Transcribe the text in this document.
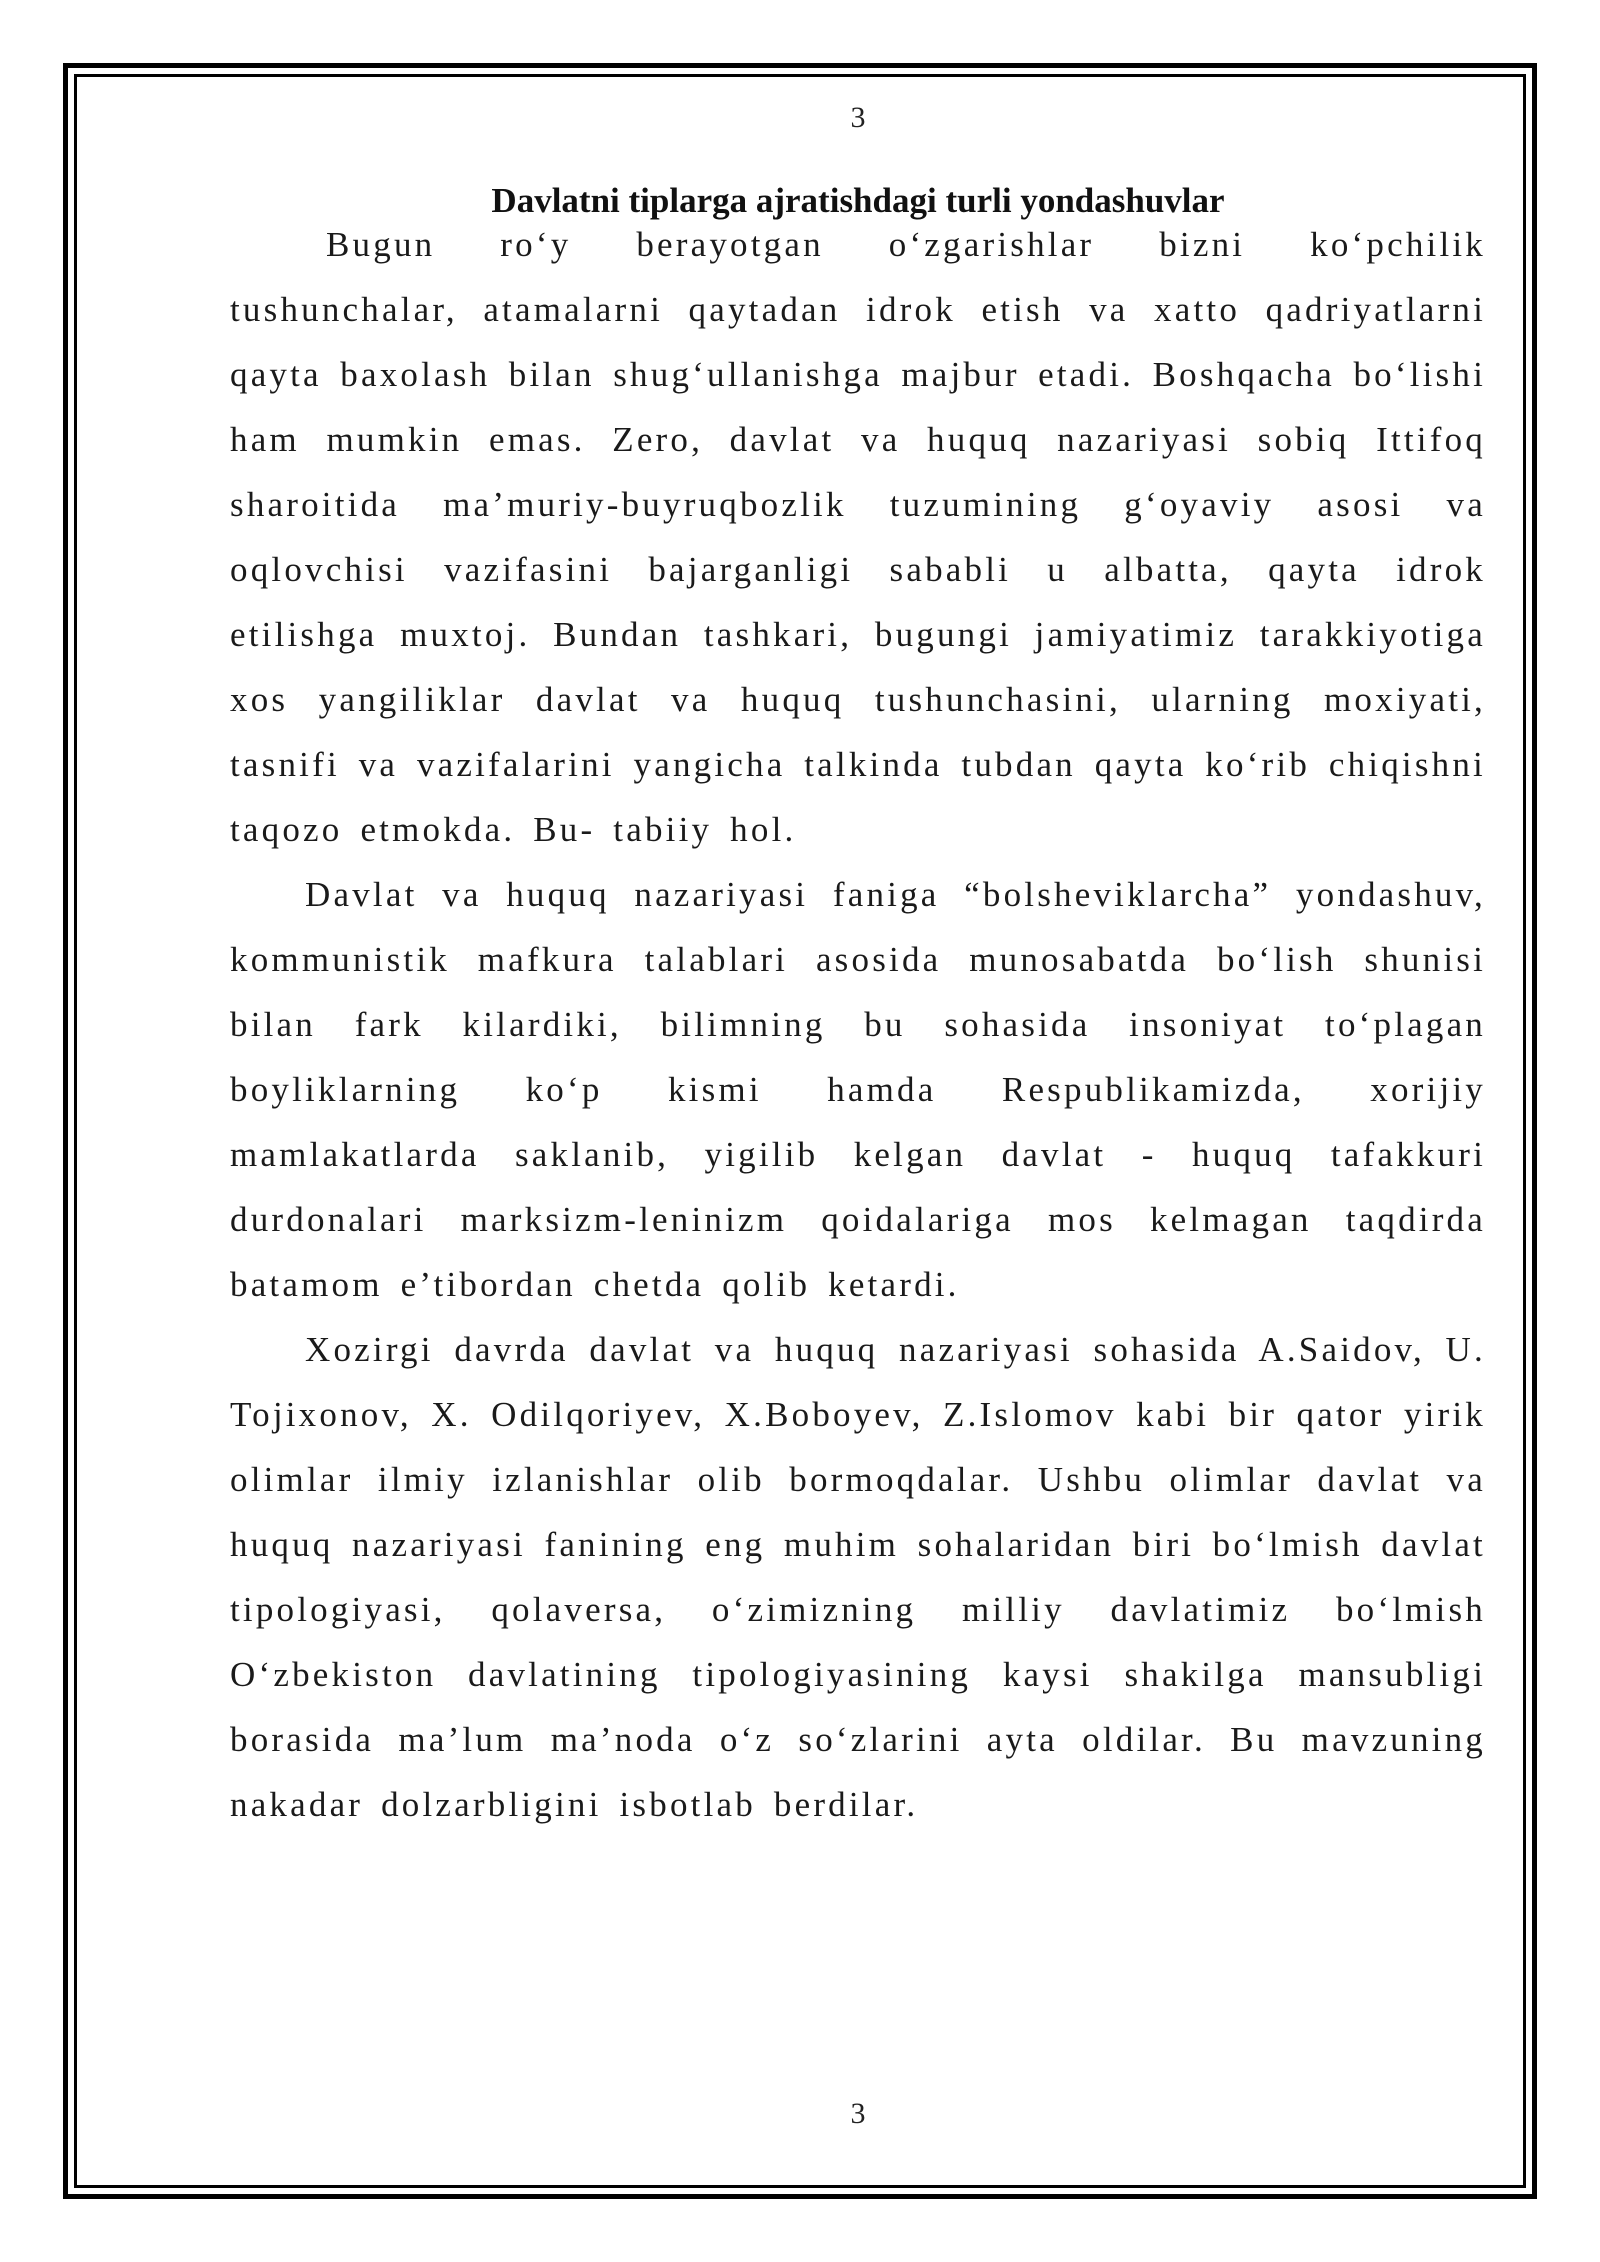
3
Davlatni tiplarga ajratishdagi turli yondashuvlar

Bugun ro‘y berayotgan o‘zgarishlar bizni ko‘pchilik tushunchalar, atamalarni qaytadan idrok etish va xatto qadriyatlarni qayta baxolash bilan shug‘ullanishga majbur etadi. Boshqacha bo‘lishi ham mumkin emas. Zero, davlat va huquq nazariyasi sobiq Ittifoq sharoitida ma’muriy-buyruqbozlik tuzumining g‘oyaviy asosi va oqlovchisi vazifasini bajarganligi sababli u albatta, qayta idrok etilishga muxtoj. Bundan tashkari, bugungi jamiyatimiz tarakkiyotiga xos yangiliklar davlat va huquq tushunchasini, ularning moxiyati, tasnifi va vazifalarini yangicha talkinda tubdan qayta ko‘rib chiqishni taqozo etmokda. Bu- tabiiy hol.

Davlat va huquq nazariyasi faniga “bolsheviklarcha” yondashuv, kommunistik mafkura talablari asosida munosabatda bo‘lish shunisi bilan fark kilardiki, bilimning bu sohasida insoniyat to‘plagan boyliklarning ko‘p kismi hamda Respublikamizda, xorijiy mamlakatlarda saklanib, yigilib kelgan davlat - huquq tafakkuri durdonalari marksizm-leninizm qoidalariga mos kelmagan taqdirda batamom e’tibordan chetda qolib ketardi.

Xozirgi davrda davlat va huquq nazariyasi sohasida A.Saidov, U. Tojixonov, X. Odilqoriyev, X.Boboyev, Z.Islomov kabi bir qator yirik olimlar ilmiy izlanishlar olib bormoqdalar. Ushbu olimlar davlat va huquq nazariyasi fanining eng muhim sohalaridan biri bo‘lmish davlat tipologiyasi, qolaversa, o‘zimizning milliy davlatimiz bo‘lmish O‘zbekiston davlatining tipologiyasining kaysi shakilga mansubligi borasida ma’lum ma’noda o‘z so‘zlarini ayta oldilar. Bu mavzuning nakadar dolzarbligini isbotlab berdilar.

3
